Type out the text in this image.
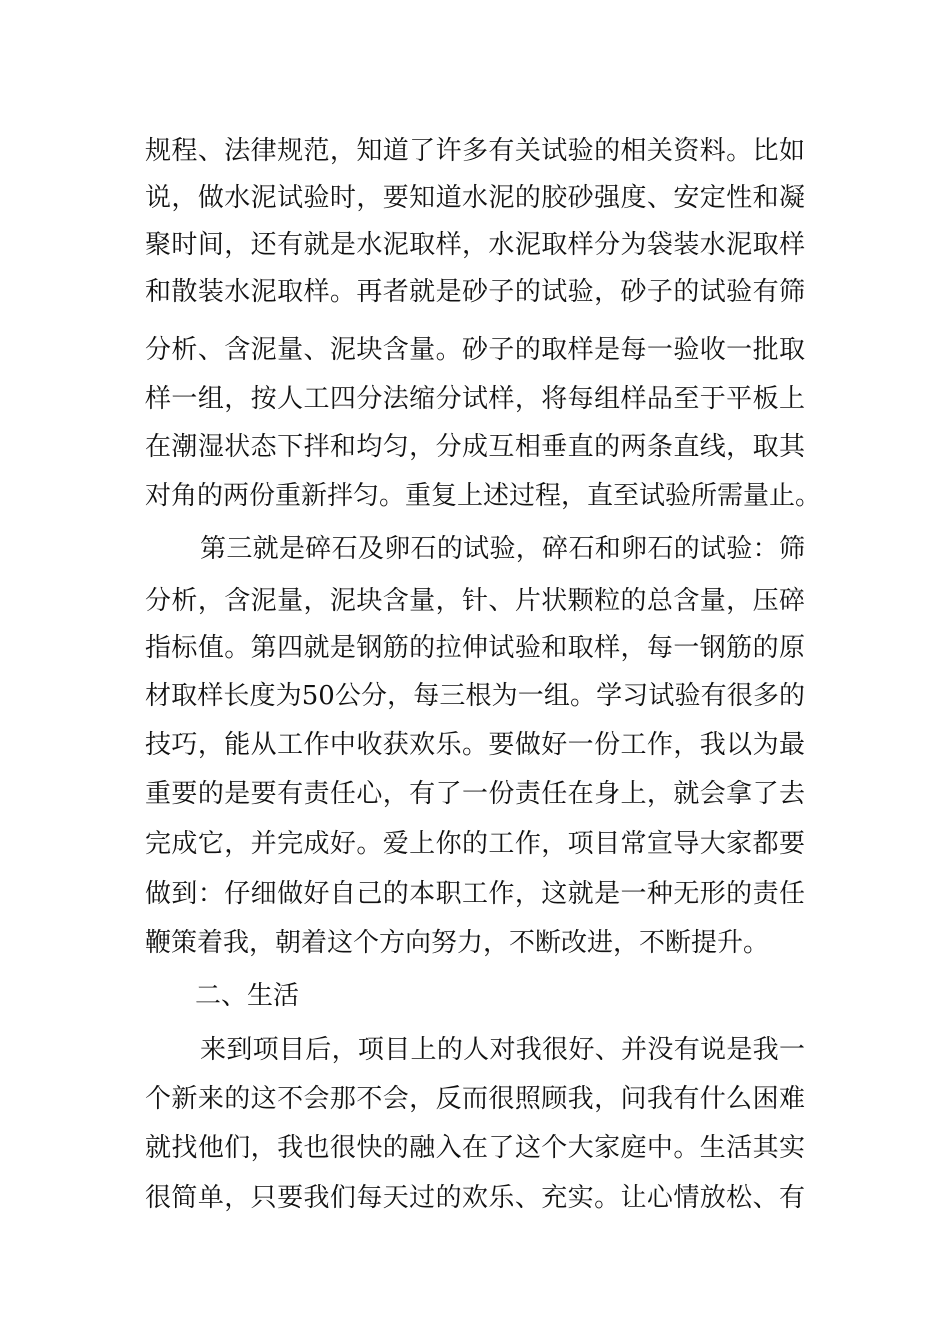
规程、法律规范，知道了许多有关试验的相关资料。比如

说，做水泥试验时，要知道水泥的胶砂强度、安定性和凝

聚时间，还有就是水泥取样，水泥取样分为袋装水泥取样

和散装水泥取样。再者就是砂子的试验，砂子的试验有筛

分析、含泥量、泥块含量。砂子的取样是每一验收一批取

样一组，按人工四分法缩分试样，将每组样品至于平板上

在潮湿状态下拌和均匀，分成互相垂直的两条直线，取其

对角的两份重新拌匀。重复上述过程，直至试验所需量止。

第三就是碎石及卵石的试验，碎石和卵石的试验：筛

分析，含泥量，泥块含量，针、片状颗粒的总含量，压碎

指标值。第四就是钢筋的拉伸试验和取样，每一钢筋的原

材取样长度为50公分，每三根为一组。学习试验有很多的

技巧，能从工作中收获欢乐。要做好一份工作，我以为最

重要的是要有责任心，有了一份责任在身上，就会拿了去

完成它，并完成好。爱上你的工作，项目常宣导大家都要

做到：仔细做好自己的本职工作，这就是一种无形的责任

鞭策着我，朝着这个方向努力，不断改进，不断提升。

二、生活

来到项目后，项目上的人对我很好、并没有说是我一

个新来的这不会那不会，反而很照顾我，问我有什么困难

就找他们，我也很快的融入在了这个大家庭中。生活其实

很简单，只要我们每天过的欢乐、充实。让心情放松、有
